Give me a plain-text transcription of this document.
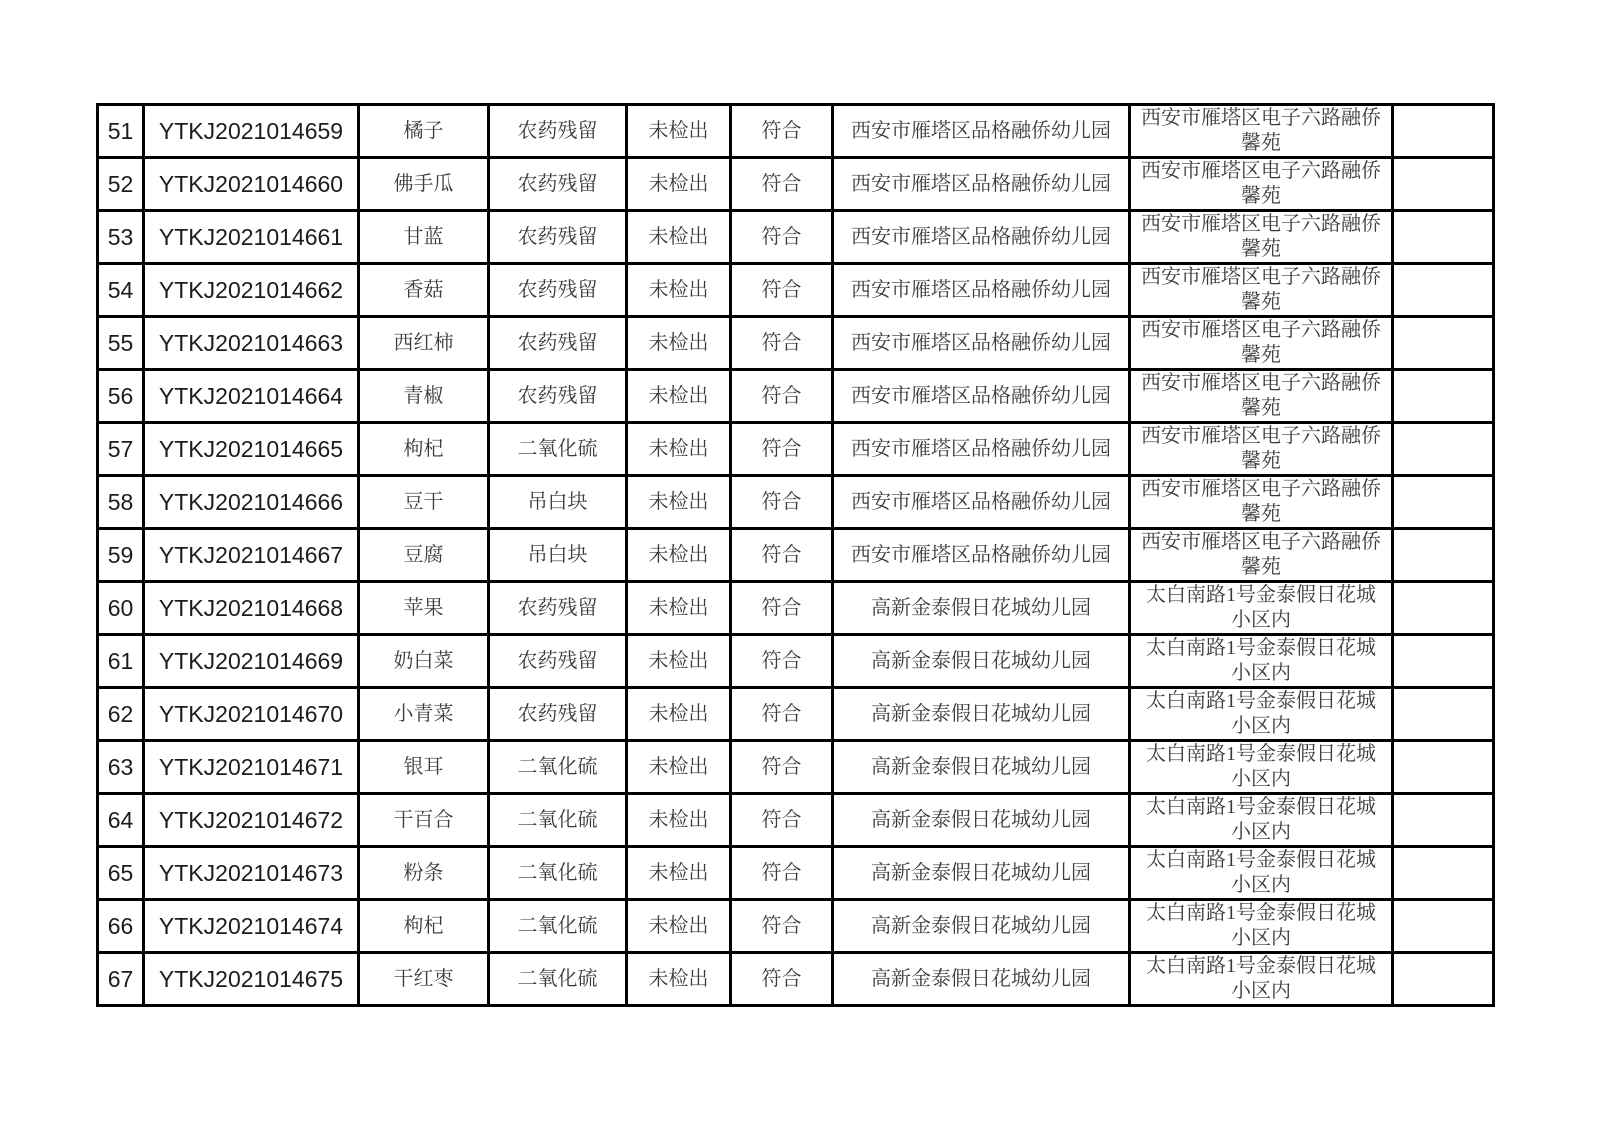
51	YTKJ2021014659	橘子	农药残留	未检出	符合	西安市雁塔区品格融侨幼儿园	西安市雁塔区电子六路融侨
馨苑	
52	YTKJ2021014660	佛手瓜	农药残留	未检出	符合	西安市雁塔区品格融侨幼儿园	西安市雁塔区电子六路融侨
馨苑	
53	YTKJ2021014661	甘蓝	农药残留	未检出	符合	西安市雁塔区品格融侨幼儿园	西安市雁塔区电子六路融侨
馨苑	
54	YTKJ2021014662	香菇	农药残留	未检出	符合	西安市雁塔区品格融侨幼儿园	西安市雁塔区电子六路融侨
馨苑	
55	YTKJ2021014663	西红柿	农药残留	未检出	符合	西安市雁塔区品格融侨幼儿园	西安市雁塔区电子六路融侨
馨苑	
56	YTKJ2021014664	青椒	农药残留	未检出	符合	西安市雁塔区品格融侨幼儿园	西安市雁塔区电子六路融侨
馨苑	
57	YTKJ2021014665	枸杞	二氧化硫	未检出	符合	西安市雁塔区品格融侨幼儿园	西安市雁塔区电子六路融侨
馨苑	
58	YTKJ2021014666	豆干	吊白块	未检出	符合	西安市雁塔区品格融侨幼儿园	西安市雁塔区电子六路融侨
馨苑	
59	YTKJ2021014667	豆腐	吊白块	未检出	符合	西安市雁塔区品格融侨幼儿园	西安市雁塔区电子六路融侨
馨苑	
60	YTKJ2021014668	苹果	农药残留	未检出	符合	高新金泰假日花城幼儿园	太白南路1号金泰假日花城
小区内	
61	YTKJ2021014669	奶白菜	农药残留	未检出	符合	高新金泰假日花城幼儿园	太白南路1号金泰假日花城
小区内	
62	YTKJ2021014670	小青菜	农药残留	未检出	符合	高新金泰假日花城幼儿园	太白南路1号金泰假日花城
小区内	
63	YTKJ2021014671	银耳	二氧化硫	未检出	符合	高新金泰假日花城幼儿园	太白南路1号金泰假日花城
小区内	
64	YTKJ2021014672	干百合	二氧化硫	未检出	符合	高新金泰假日花城幼儿园	太白南路1号金泰假日花城
小区内	
65	YTKJ2021014673	粉条	二氧化硫	未检出	符合	高新金泰假日花城幼儿园	太白南路1号金泰假日花城
小区内	
66	YTKJ2021014674	枸杞	二氧化硫	未检出	符合	高新金泰假日花城幼儿园	太白南路1号金泰假日花城
小区内	
67	YTKJ2021014675	干红枣	二氧化硫	未检出	符合	高新金泰假日花城幼儿园	太白南路1号金泰假日花城
小区内	
